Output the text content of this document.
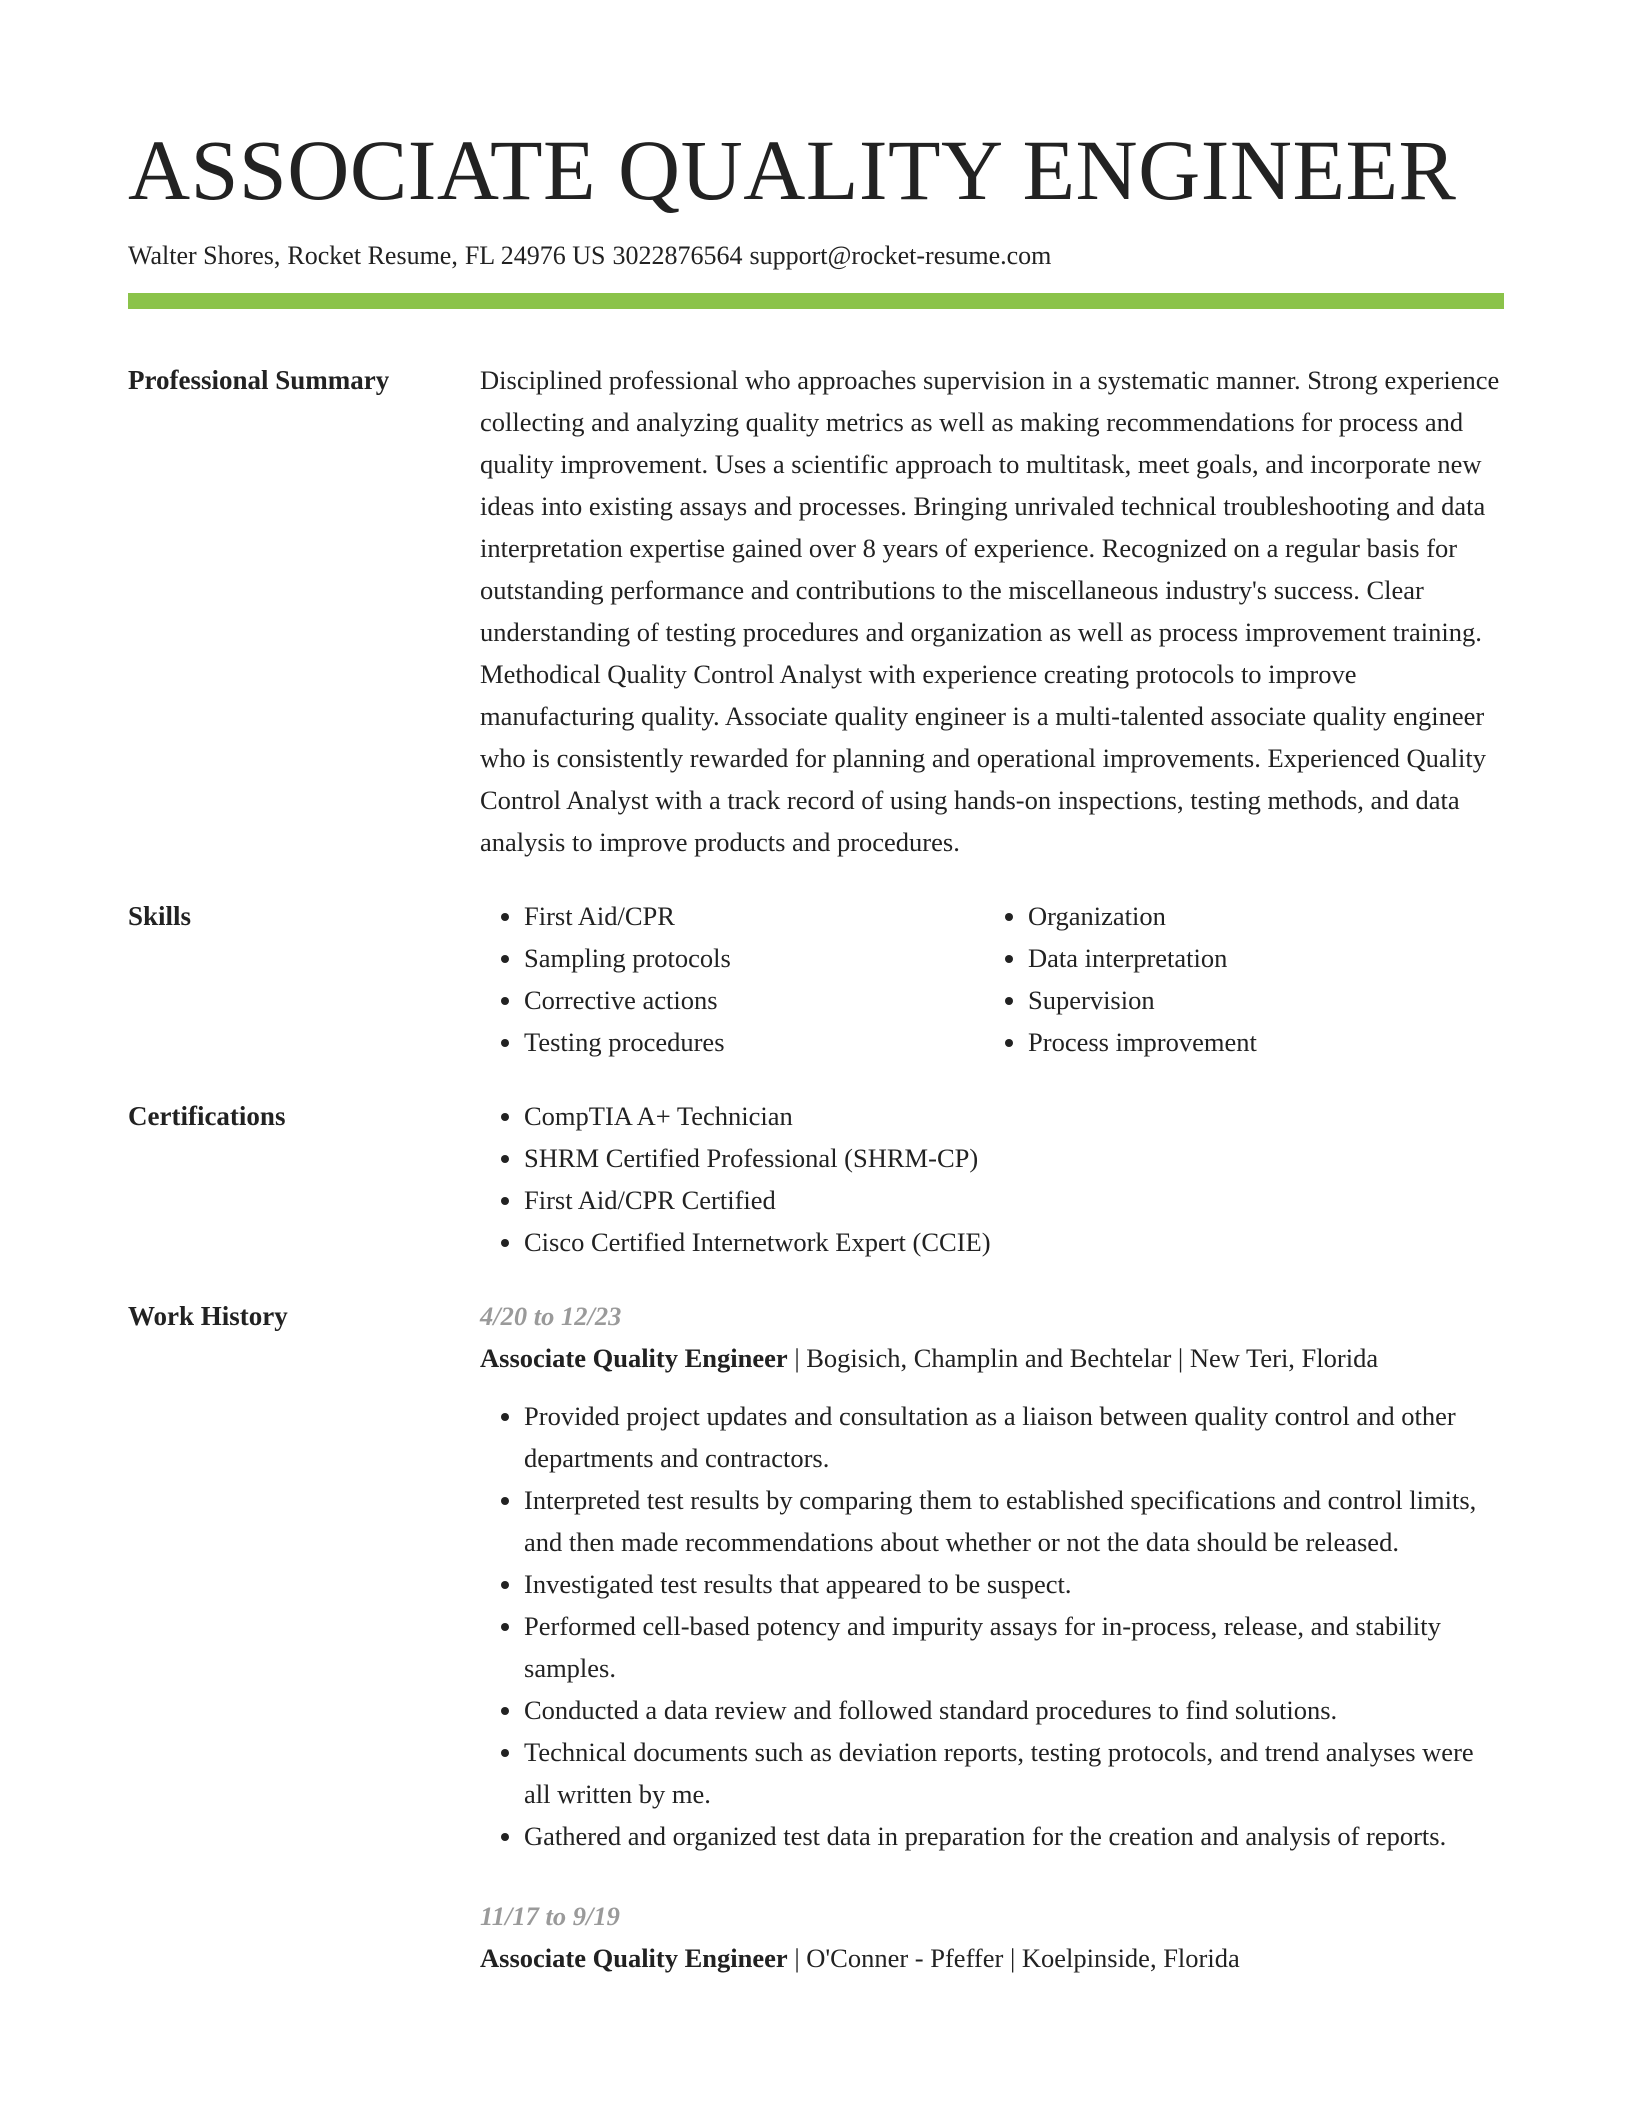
ASSOCIATE QUALITY ENGINEER
Walter Shores, Rocket Resume, FL 24976 US 3022876564 support@rocket-resume.com
Professional Summary	Disciplined professional who approaches supervision in a systematic manner. Strong experience collecting and analyzing quality metrics as well as making recommendations for process and quality improvement. Uses a scientific approach to multitask, meet goals, and incorporate new ideas into existing assays and processes. Bringing unrivaled technical troubleshooting and data interpretation expertise gained over 8 years of experience. Recognized on a regular basis for outstanding performance and contributions to the miscellaneous industry's success. Clear understanding of testing procedures and organization as well as process improvement training. Methodical Quality Control Analyst with experience creating protocols to improve manufacturing quality. Associate quality engineer is a multi-talented associate quality engineer who is consistently rewarded for planning and operational improvements. Experienced Quality Control Analyst with a track record of using hands-on inspections, testing methods, and data analysis to improve products and procedures.

Skills	• First Aid/CPR
• Sampling protocols
• Corrective actions
• Testing procedures
• Organization
• Data interpretation
• Supervision
• Process improvement
Certifications	• CompTIA A+ Technician
• SHRM Certified Professional (SHRM-CP)
• First Aid/CPR Certified
• Cisco Certified Internetwork Expert (CCIE)
Work History	4/20 to 12/23
Associate Quality Engineer | Bogisich, Champlin and Bechtelar | New Teri, Florida
• Provided project updates and consultation as a liaison between quality control and other departments and contractors.
• Interpreted test results by comparing them to established specifications and control limits, and then made recommendations about whether or not the data should be released.
• Investigated test results that appeared to be suspect.
• Performed cell-based potency and impurity assays for in-process, release, and stability samples.
• Conducted a data review and followed standard procedures to find solutions.
• Technical documents such as deviation reports, testing protocols, and trend analyses were all written by me.
• Gathered and organized test data in preparation for the creation and analysis of reports.
11/17 to 9/19
Associate Quality Engineer | O'Conner - Pfeffer | Koelpinside, Florida
